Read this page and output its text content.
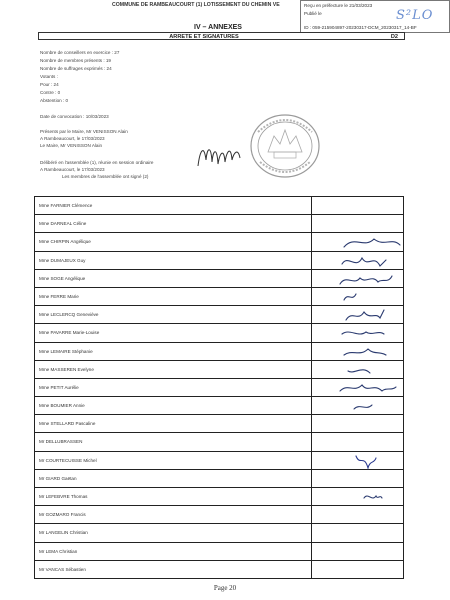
COMMUNE DE RAMBEAUCOURT (1) LOTISSEMENT DU CHEMIN VE	Reçu en préfecture le 21/03/2023
Publié le
ID : 059-215904897-20230317-DCM_20230317_14-BF
S²LO
IV – ANNEXES
ARRETE ET SIGNATURES	D2
Nombre de conseillers en exercice : 27
Nombre de membres présents : 19
Nombre de suffrages exprimés : 24
Votants :
Pour : 24
Contre : 0
Abstention : 0
Date de convocation : 10/03/2023
Présents par le Maire, Mr VENISSON Alain
A Rambeaucourt, le 17/03/2023
Le Maire, Mr VENISSON Alain
Délibéré en l'assemblée (1), réunie en session ordinaire
A Rambeaucourt, le 17/03/2023
Les membres de l'assemblée ont signé (2)
Mme FARNIER Clémence
Mme DARNEAL Céline
Mme CHIRPIN Angélique
Mme DUMAJEUX Guy
Mme SOGE Angélique
Mme FERRE Marie
Mme LECLERCQ Geneviève
Mme PAVARRE Marie-Louise
Mme LEMAIRE Stéphanie
Mme MASSEREN Evelyne
Mme PETIT Aurélie
Mme BOUMIER Annie
Mme STELLARD Pascaline
Mr DELLUBRASSEN
Mr COURTECUISSE Michel
Mr GIARD Gaëtan
Mr LEFEBVRE Thomas
Mr GOZMARO Francis
Mr LANGELIN Christian
Mr LEMA Christian
Mr VANCAS Sébastien
Page 20
